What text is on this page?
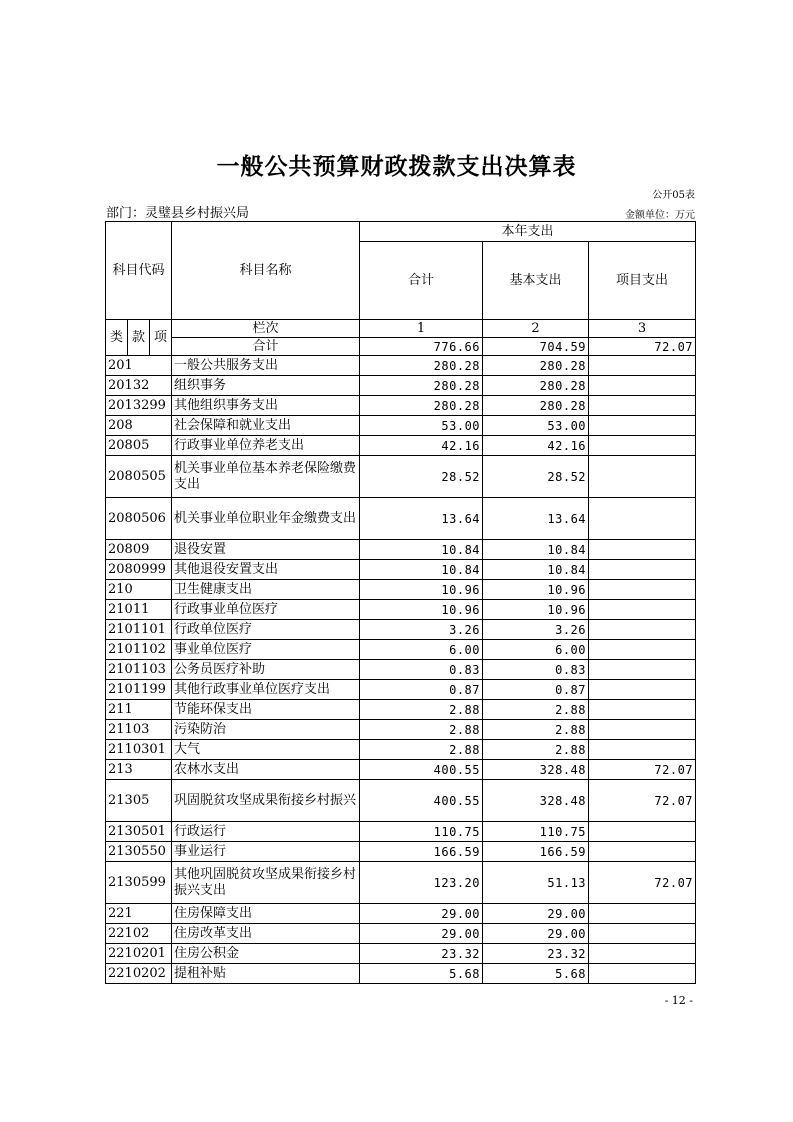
一般公共预算财政拨款支出决算表
公开05表
部门：灵璧县乡村振兴局	金额单位：万元
科目代码			科目名称	本年支出		
				合计	基本支出	项目支出
类	款	项	栏次	1	2	3
			合计	776.66	704.59	72.07
201			一般公共服务支出	280.28	280.28	
20132			组织事务	280.28	280.28	
2013299			其他组织事务支出	280.28	280.28	
208			社会保障和就业支出	53.00	53.00	
20805			行政事业单位养老支出	42.16	42.16	
2080505			机关事业单位基本养老保险缴费支出	28.52	28.52	
2080506			机关事业单位职业年金缴费支出	13.64	13.64	
20809			退役安置	10.84	10.84	
2080999			其他退役安置支出	10.84	10.84	
210			卫生健康支出	10.96	10.96	
21011			行政事业单位医疗	10.96	10.96	
2101101			行政单位医疗	3.26	3.26	
2101102			事业单位医疗	6.00	6.00	
2101103			公务员医疗补助	0.83	0.83	
2101199			其他行政事业单位医疗支出	0.87	0.87	
211			节能环保支出	2.88	2.88	
21103			污染防治	2.88	2.88	
2110301			大气	2.88	2.88	
213			农林水支出	400.55	328.48	72.07
21305			巩固脱贫攻坚成果衔接乡村振兴	400.55	328.48	72.07
2130501			行政运行	110.75	110.75	
2130550			事业运行	166.59	166.59	
2130599			其他巩固脱贫攻坚成果衔接乡村振兴支出	123.20	51.13	72.07
221			住房保障支出	29.00	29.00	
22102			住房改革支出	29.00	29.00	
2210201			住房公积金	23.32	23.32	
2210202			提租补贴	5.68	5.68	
- 12 -
